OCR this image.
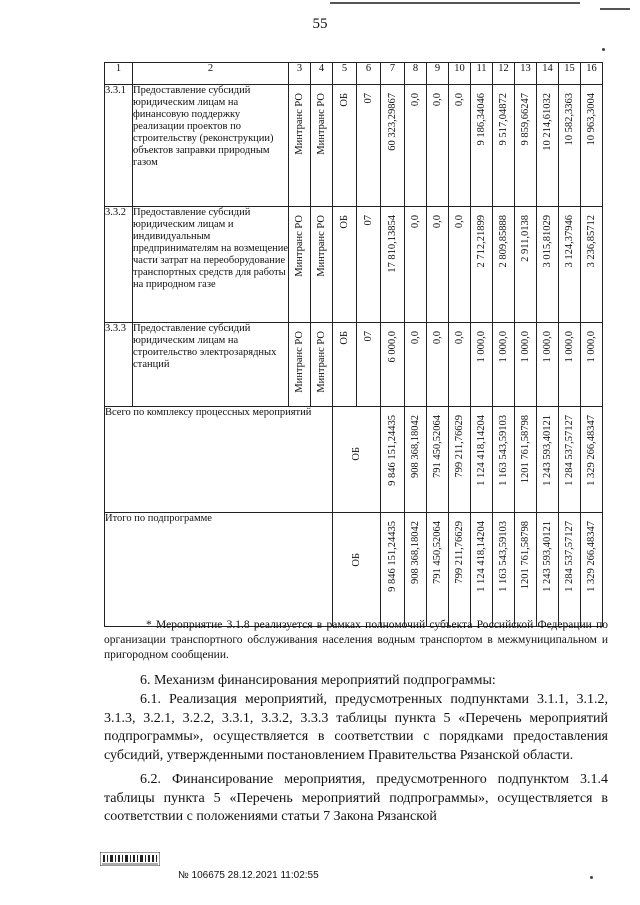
55
1	2	3	4	5	6	7	8	9	10	11	12	13	14	15	16
3.3.1	Предоставление субсидий юридическим лицам на финансовую поддержку реализации проектов по строительству (реконструкции) объектов заправки природным газом	Минтранс РО	Минтранс РО	ОБ	07	60 323,29867	0,0	0,0	0,0	9 186,34046	9 517,04872	9 859,66247	10 214,61032	10 582,3363	10 963,3004

3.3.2	Предоставление субсидий юридическим лицам и индивидуальным предпринимателям на возмещение части затрат на переоборудование транспортных средств для работы на природном газе	Минтранс РО	Минтранс РО	ОБ	07	17 810,13854	0,0	0,0	0,0	2 712,21899	2 809,85888	2 911,0138	3 015,81029	3 124,37946	3 236,85712

3.3.3	Предоставление субсидий юридическим лицам на строительство электрозарядных станций	Минтранс РО	Минтранс РО	ОБ	07	6 000,0	0,0	0,0	0,0	1 000,0	1 000,0	1 000,0	1 000,0	1 000,0	1 000,0

Всего по комплексу процессных мероприятий				ОБ		9 846 151,24435	908 368,18042	791 450,52064	799 211,76629	1 124 418,14204	1 163 543,59103	1201 761,58798	1 243 593,40121	1 284 537,57127	1 329 266,48347

Итого по подпрограмме				ОБ		9 846 151,24435	908 368,18042	791 450,52064	799 211,76629	1 124 418,14204	1 163 543,59103	1201 761,58798	1 243 593,40121	1 284 537,57127	1 329 266,48347
* Мероприятие 3.1.8 реализуется в рамках полномочий субъекта Российской Федерации по организации транспортного обслуживания населения водным транспортом в межмуниципальном и пригородном сообщении.
6. Механизм финансирования мероприятий подпрограммы:
6.1. Реализация мероприятий, предусмотренных подпунктами 3.1.1, 3.1.2, 3.1.3, 3.2.1, 3.2.2, 3.3.1, 3.3.2, 3.3.3 таблицы пункта 5 «Перечень мероприятий подпрограммы», осуществляется в соответствии с порядками предоставления субсидий, утвержденными постановлением Правительства Рязанской области.
6.2. Финансирование мероприятия, предусмотренного подпунктом 3.1.4 таблицы пункта 5 «Перечень мероприятий подпрограммы», осуществляется в соответствии с положениями статьи 7 Закона Рязанской
№ 106675 28.12.2021 11:02:55
